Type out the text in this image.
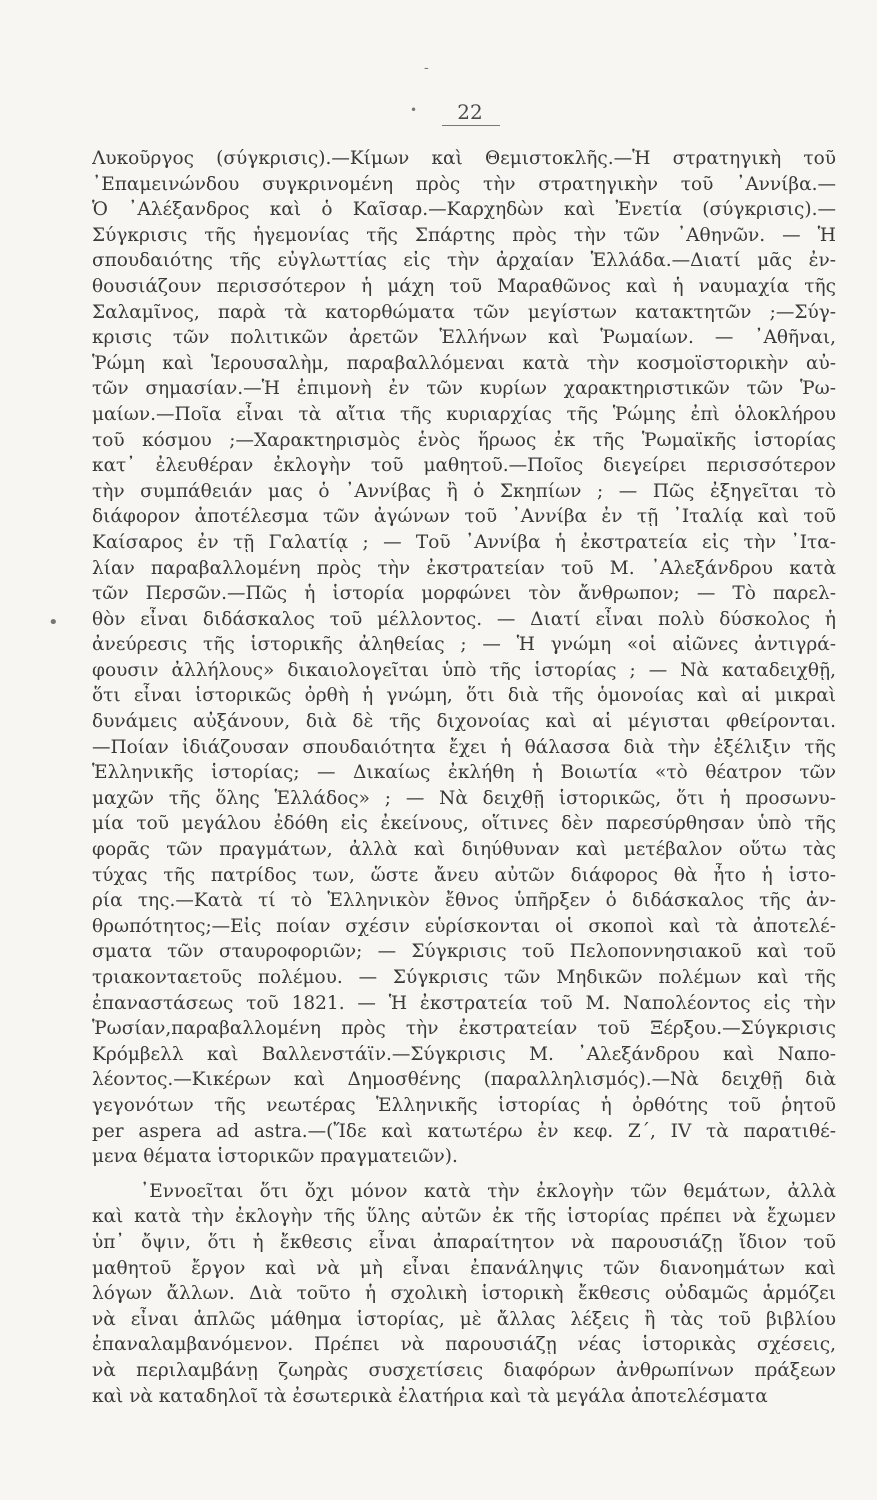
-
•
•
22
Λυκοῦργος (σύγκρισις).—Κίμων καὶ Θεμιστοκλῆς.—Ἡ στρατηγικὴ τοῦ
᾿Επαμεινώνδου συγκρινομένη πρὸς τὴν στρατηγικὴν τοῦ ᾿Αννίβα.—
Ὁ ᾿Αλέξανδρος καὶ ὁ Καῖσαρ.—Καρχηδὼν καὶ Ἐνετία (σύγκρισις).—
Σύγκρισις τῆς ἡγεμονίας τῆς Σπάρτης πρὸς τὴν τῶν ᾿Αθηνῶν. — Ἡ
σπουδαιότης τῆς εὐγλωττίας εἰς τὴν ἀρχαίαν Ἑλλάδα.—Διατί μᾶς ἐν-
θουσιάζουν περισσότερον ἡ μάχη τοῦ Μαραθῶνος καὶ ἡ ναυμαχία τῆς
Σαλαμῖνος, παρὰ τὰ κατορθώματα τῶν μεγίστων κατακτητῶν ;—Σύγ-
κρισις τῶν πολιτικῶν ἀρετῶν Ἑλλήνων καὶ Ῥωμαίων. — ᾿Αθῆναι,
Ῥώμη καὶ Ἱερουσαλὴμ, παραβαλλόμεναι κατὰ τὴν κοσμοϊστορικὴν αὐ-
τῶν σημασίαν.—Ἡ ἐπιμονὴ ἐν τῶν κυρίων χαρακτηριστικῶν τῶν Ῥω-
μαίων.—Ποῖα εἶναι τὰ αἴτια τῆς κυριαρχίας τῆς Ῥώμης ἐπὶ ὁλοκλήρου
τοῦ κόσμου ;—Χαρακτηρισμὸς ἑνὸς ἥρωος ἐκ τῆς Ῥωμαϊκῆς ἱστορίας
κατ᾿ ἐλευθέραν ἐκλογὴν τοῦ μαθητοῦ.—Ποῖος διεγείρει περισσότερον
τὴν συμπάθειάν μας ὁ ᾿Αννίβας ἢ ὁ Σκηπίων ; — Πῶς ἐξηγεῖται τὸ
διάφορον ἀποτέλεσμα τῶν ἀγώνων τοῦ ᾿Αννίβα ἐν τῇ ᾿Ιταλίᾳ καὶ τοῦ
Καίσαρος ἐν τῇ Γαλατίᾳ ; — Τοῦ ᾿Αννίβα ἡ ἐκστρατεία εἰς τὴν ᾿Ιτα-
λίαν παραβαλλομένη πρὸς τὴν ἐκστρατείαν τοῦ Μ. ᾿Αλεξάνδρου κατὰ
τῶν Περσῶν.—Πῶς ἡ ἱστορία μορφώνει τὸν ἄνθρωπον; — Τὸ παρελ-
θὸν εἶναι διδάσκαλος τοῦ μέλλοντος. — Διατί εἶναι πολὺ δύσκολος ἡ
ἀνεύρεσις τῆς ἱστορικῆς ἀληθείας ; — Ἡ γνώμη «οἱ αἰῶνες ἀντιγρά-
φουσιν ἀλλήλους» δικαιολογεῖται ὑπὸ τῆς ἱστορίας ; — Νὰ καταδειχθῇ,
ὅτι εἶναι ἱστορικῶς ὀρθὴ ἡ γνώμη, ὅτι διὰ τῆς ὁμονοίας καὶ αἱ μικραὶ
δυνάμεις αὐξάνουν, διὰ δὲ τῆς διχονοίας καὶ αἱ μέγισται φθείρονται.
—Ποίαν ἰδιάζουσαν σπουδαιότητα ἔχει ἡ θάλασσα διὰ τὴν ἐξέλιξιν τῆς
Ἑλληνικῆς ἱστορίας; — Δικαίως ἐκλήθη ἡ Βοιωτία «τὸ θέατρον τῶν
μαχῶν τῆς ὅλης Ἑλλάδος» ; — Νὰ δειχθῇ ἱστορικῶς, ὅτι ἡ προσωνυ-
μία τοῦ μεγάλου ἐδόθη εἰς ἐκείνους, οἵτινες δὲν παρεσύρθησαν ὑπὸ τῆς
φορᾶς τῶν πραγμάτων, ἀλλὰ καὶ διηύθυναν καὶ μετέβαλον οὕτω τὰς
τύχας τῆς πατρίδος των, ὥστε ἄνευ αὐτῶν διάφορος θὰ ἦτο ἡ ἱστο-
ρία της.—Κατὰ τί τὸ Ἑλληνικὸν ἔθνος ὑπῆρξεν ὁ διδάσκαλος τῆς ἀν-
θρωπότητος;—Εἰς ποίαν σχέσιν εὑρίσκονται οἱ σκοποὶ καὶ τὰ ἀποτελέ-
σματα τῶν σταυροφοριῶν; — Σύγκρισις τοῦ Πελοποννησιακοῦ καὶ τοῦ
τριακονταετοῦς πολέμου. — Σύγκρισις τῶν Μηδικῶν πολέμων καὶ τῆς
ἐπαναστάσεως τοῦ 1821. — Ἡ ἐκστρατεία τοῦ Μ. Ναπολέοντος εἰς τὴν
Ῥωσίαν,παραβαλλομένη πρὸς τὴν ἐκστρατείαν τοῦ Ξέρξου.—Σύγκρισις
Κρόμβελλ καὶ Βαλλενστάϊν.—Σύγκρισις Μ. ᾿Αλεξάνδρου καὶ Ναπο-
λέοντος.—Κικέρων καὶ Δημοσθένης (παραλληλισμός).—Νὰ δειχθῇ διὰ
γεγονότων τῆς νεωτέρας Ἑλληνικῆς ἱστορίας ἡ ὀρθότης τοῦ ῥητοῦ
per aspera ad astra.—(Ἴδε καὶ κατωτέρω ἐν κεφ. Ζ΄, IV τὰ παρατιθέ-
μενα θέματα ἱστορικῶν πραγματειῶν).
᾿Εννοεῖται ὅτι ὄχι μόνον κατὰ τὴν ἐκλογὴν τῶν θεμάτων, ἀλλὰ
καὶ κατὰ τὴν ἐκλογὴν τῆς ὕλης αὐτῶν ἐκ τῆς ἱστορίας πρέπει νὰ ἔχωμεν
ὑπ᾿ ὄψιν, ὅτι ἡ ἔκθεσις εἶναι ἀπαραίτητον νὰ παρουσιάζῃ ἴδιον τοῦ
μαθητοῦ ἔργον καὶ νὰ μὴ εἶναι ἐπανάληψις τῶν διανοημάτων καὶ
λόγων ἄλλων. Διὰ τοῦτο ἡ σχολικὴ ἱστορικὴ ἔκθεσις οὐδαμῶς ἁρμόζει
νὰ εἶναι ἁπλῶς μάθημα ἱστορίας, μὲ ἄλλας λέξεις ἢ τὰς τοῦ βιβλίου
ἐπαναλαμβανόμενον. Πρέπει νὰ παρουσιάζῃ νέας ἱστορικὰς σχέσεις,
νὰ περιλαμβάνῃ ζωηρὰς συσχετίσεις διαφόρων ἀνθρωπίνων πράξεων
καὶ νὰ καταδηλοῖ τὰ ἐσωτερικὰ ἐλατήρια καὶ τὰ μεγάλα ἀποτελέσματα
